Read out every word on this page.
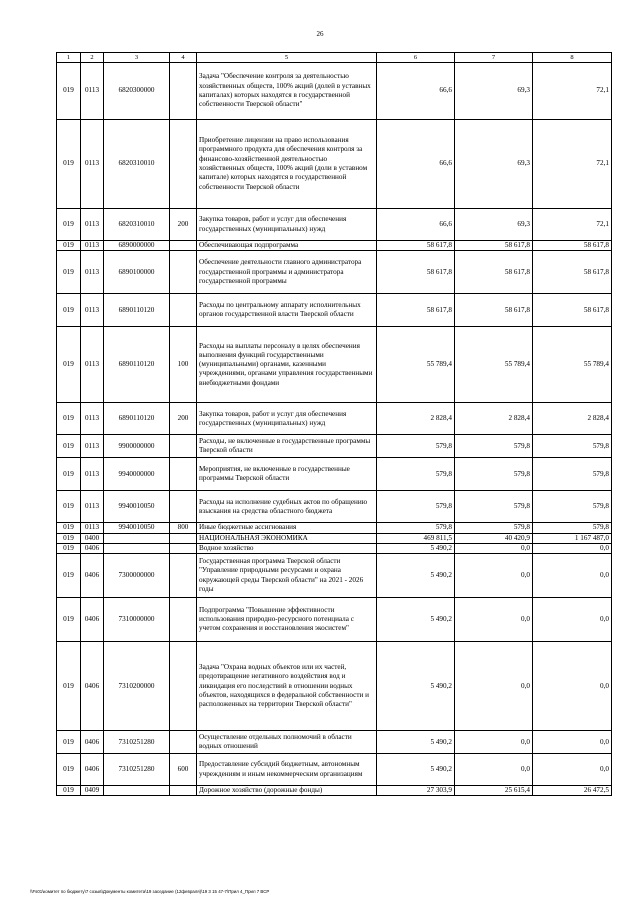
26
1	2	3	4	5	6	7	8
019	0113	6820300000		Задача "Обеспечение контроля за деятельностью хозяйственных обществ, 100% акций (долей в уставных капиталах) которых находятся в государственной собственности Тверской области"	66,6	69,3	72,1
019	0113	6820310010		Приобретение лицензии на право использования программного продукта для обеспечения контроля за финансово-хозяйственной деятельностью хозяйственных обществ, 100% акций (доли в уставном капитале) которых находятся в государственной собственности Тверской области	66,6	69,3	72,1
019	0113	6820310010	200	Закупка товаров, работ и услуг для обеспечения государственных (муниципальных) нужд	66,6	69,3	72,1
019	0113	6890000000		Обеспечивающая подпрограмма	58 617,8	58 617,8	58 617,8
019	0113	6890100000		Обеспечение деятельности главного администратора государственной программы и администратора государственной программы	58 617,8	58 617,8	58 617,8
019	0113	6890110120		Расходы по центральному аппарату исполнительных органов государственной власти Тверской области	58 617,8	58 617,8	58 617,8
019	0113	6890110120	100	Расходы на выплаты персоналу в целях обеспечения выполнения функций государственными (муниципальными) органами, казенными учреждениями, органами управления государственными внебюджетными фондами	55 789,4	55 789,4	55 789,4
019	0113	6890110120	200	Закупка товаров, работ и услуг для обеспечения государственных (муниципальных) нужд	2 828,4	2 828,4	2 828,4
019	0113	9900000000		Расходы, не включенные в государственные программы Тверской области	579,8	579,8	579,8
019	0113	9940000000		Мероприятия, не включенные в государственные программы Тверской области	579,8	579,8	579,8
019	0113	9940010050		Расходы на исполнение судебных актов по обращению взыскания на средства областного бюджета	579,8	579,8	579,8
019	0113	9940010050	800	Иные бюджетные ассигнования	579,8	579,8	579,8
019	0400			НАЦИОНАЛЬНАЯ ЭКОНОМИКА	469 811,5	40 420,9	1 167 487,0
019	0406			Водное хозяйство	5 490,2	0,0	0,0
019	0406	7300000000		Государственная программа Тверской области "Управление природными ресурсами и охрана окружающей среды Тверской области" на 2021 - 2026 годы	5 490,2	0,0	0,0
019	0406	7310000000		Подпрограмма "Повышение эффективности использования природно-ресурсного потенциала с учетом сохранения и восстановления экосистем"	5 490,2	0,0	0,0
019	0406	7310200000		Задача "Охрана водных объектов или их частей, предотвращение негативного воздействия вод и ликвидация его последствий в отношении водных объектов, находящихся в федеральной собственности и расположенных на территории Тверской области"	5 490,2	0,0	0,0
019	0406	7310251280		Осуществление отдельных полномочий в области водных отношений	5 490,2	0,0	0,0
019	0406	7310251280	600	Предоставление субсидий бюджетным, автономным учреждениям и иным некоммерческим организациям	5 490,2	0,0	0,0
019	0409			Дорожное хозяйство (дорожные фонды)	27 303,9	25 615,4	26 472,5
\\Fs01\комитет по бюджету\7 созыв\Документы комитета\19 заседание (12февраля)\19 3 15 47-7\Прил 4_Прил 7 ВСР
